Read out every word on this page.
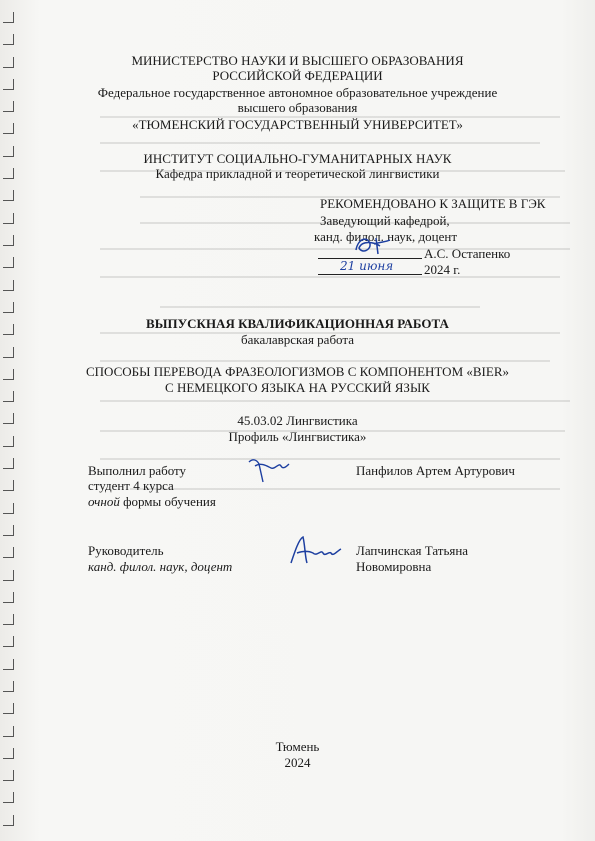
МИНИСТЕРСТВО НАУКИ И ВЫСШЕГО ОБРАЗОВАНИЯ
РОССИЙСКОЙ ФЕДЕРАЦИИ
Федеральное государственное автономное образовательное учреждение
высшего образования
«ТЮМЕНСКИЙ ГОСУДАРСТВЕННЫЙ УНИВЕРСИТЕТ»
ИНСТИТУТ СОЦИАЛЬНО-ГУМАНИТАРНЫХ НАУК
Кафедра прикладной и теоретической лингвистики
РЕКОМЕНДОВАНО К ЗАЩИТЕ В ГЭК
Заведующий кафедрой,
канд. филол. наук, доцент
А.С. Остапенко
21 июня 2024 г.
ВЫПУСКНАЯ КВАЛИФИКАЦИОННАЯ РАБОТА
бакалаврская работа
СПОСОБЫ ПЕРЕВОДА ФРАЗЕОЛОГИЗМОВ С КОМПОНЕНТОМ «BIER»
С НЕМЕЦКОГО ЯЗЫКА НА РУССКИЙ ЯЗЫК
45.03.02 Лингвистика
Профиль «Лингвистика»
Выполнил работу
студент 4 курса
очной формы обучения
Панфилов Артем Артурович
Руководитель
канд. филол. наук, доцент
Лапчинская Татьяна
Новомировна
Тюмень
2024
